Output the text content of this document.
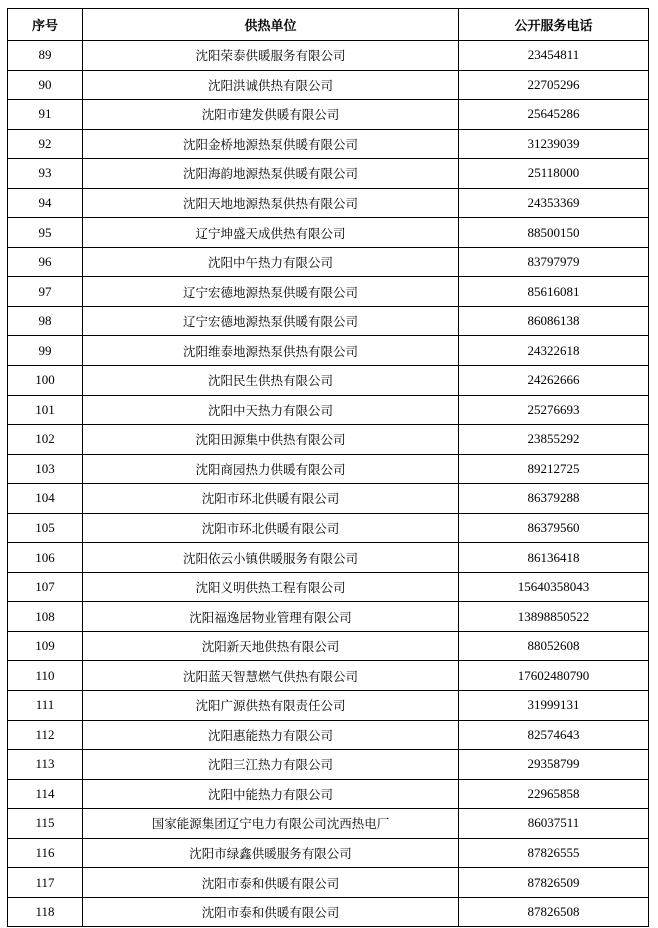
序号	供热单位	公开服务电话
89	沈阳荣泰供暖服务有限公司	23454811
90	沈阳洪诚供热有限公司	22705296
91	沈阳市建发供暖有限公司	25645286
92	沈阳金桥地源热泵供暖有限公司	31239039
93	沈阳海韵地源热泵供暖有限公司	25118000
94	沈阳天地地源热泵供热有限公司	24353369
95	辽宁坤盛天成供热有限公司	88500150
96	沈阳中午热力有限公司	83797979
97	辽宁宏德地源热泵供暖有限公司	85616081
98	辽宁宏德地源热泵供暖有限公司	86086138
99	沈阳维泰地源热泵供热有限公司	24322618
100	沈阳民生供热有限公司	24262666
101	沈阳中天热力有限公司	25276693
102	沈阳田源集中供热有限公司	23855292
103	沈阳商园热力供暖有限公司	89212725
104	沈阳市环北供暖有限公司	86379288
105	沈阳市环北供暖有限公司	86379560
106	沈阳依云小镇供暖服务有限公司	86136418
107	沈阳义明供热工程有限公司	15640358043
108	沈阳福逸居物业管理有限公司	13898850522
109	沈阳新天地供热有限公司	88052608
110	沈阳蓝天智慧燃气供热有限公司	17602480790
111	沈阳广源供热有限责任公司	31999131
112	沈阳惠能热力有限公司	82574643
113	沈阳三江热力有限公司	29358799
114	沈阳中能热力有限公司	22965858
115	国家能源集团辽宁电力有限公司沈西热电厂	86037511
116	沈阳市绿鑫供暖服务有限公司	87826555
117	沈阳市泰和供暖有限公司	87826509
118	沈阳市泰和供暖有限公司	87826508
